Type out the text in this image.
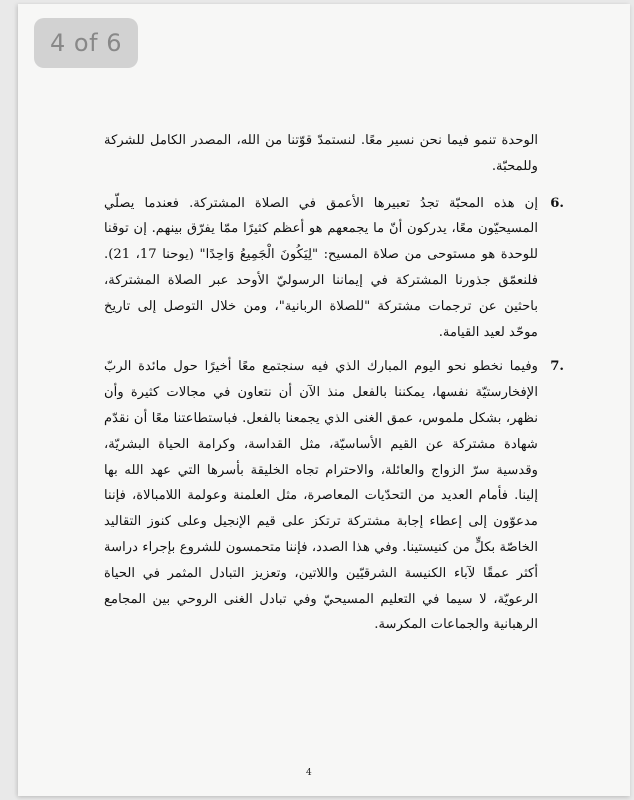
4 of 6

الوحدة تنمو فيما نحن نسير معًا. لنستمدّ قوّتنا من الله، المصدر الكامل للشركة وللمحبّة.

6.

إن هذه المحبّة تجدُ تعبيرها الأعمق في الصلاة المشتركة. فعندما يصلّي المسيحيّون معًا، يدركون أنّ ما يجمعهم هو أعظم كثيرًا ممّا يفرّق بينهم. إن توقنا للوحدة هو مستوحى من صلاة المسيح: "لِيَكُونَ الْجَمِيعُ وَاحِدًا" (يوحنا 17، 21). فلنعمّق جذورنا المشتركة في إيماننا الرسوليّ الأوحد عبر الصلاة المشتركة، باحثين عن ترجمات مشتركة "للصلاة الربانية"، ومن خلال التوصل إلى تاريخ موحّد لعيد القيامة.

7.

وفيما نخطو نحو اليوم المبارك الذي فيه سنجتمع معًا أخيرًا حول مائدة الربّ الإفخارستيّة نفسها، يمكننا بالفعل منذ الآن أن نتعاون في مجالات كثيرة وأن نظهر، بشكل ملموس، عمق الغنى الذي يجمعنا بالفعل. فباستطاعتنا معًا أن نقدّم شهادة مشتركة عن القيم الأساسيّة، مثل القداسة، وكرامة الحياة البشريّة، وقدسية سرّ الزواج والعائلة، والاحترام تجاه الخليقة بأسرها التي عهد الله بها إلينا. فأمام العديد من التحدّيات المعاصرة، مثل العلمنة وعولمة اللامبالاة، فإننا مدعوّون إلى إعطاء إجابة مشتركة ترتكز على قيم الإنجيل وعلى كنوز التقاليد الخاصّة بكلٍّ من كنيستينا. وفي هذا الصدد، فإننا متحمسون للشروع بإجراء دراسة أكثر عمقًا لآباء الكنيسة الشرقيّين واللاتين، وتعزيز التبادل المثمر في الحياة الرعويّة، لا سيما في التعليم المسيحيّ وفي تبادل الغنى الروحي بين المجامع الرهبانية والجماعات المكرسة.

4
